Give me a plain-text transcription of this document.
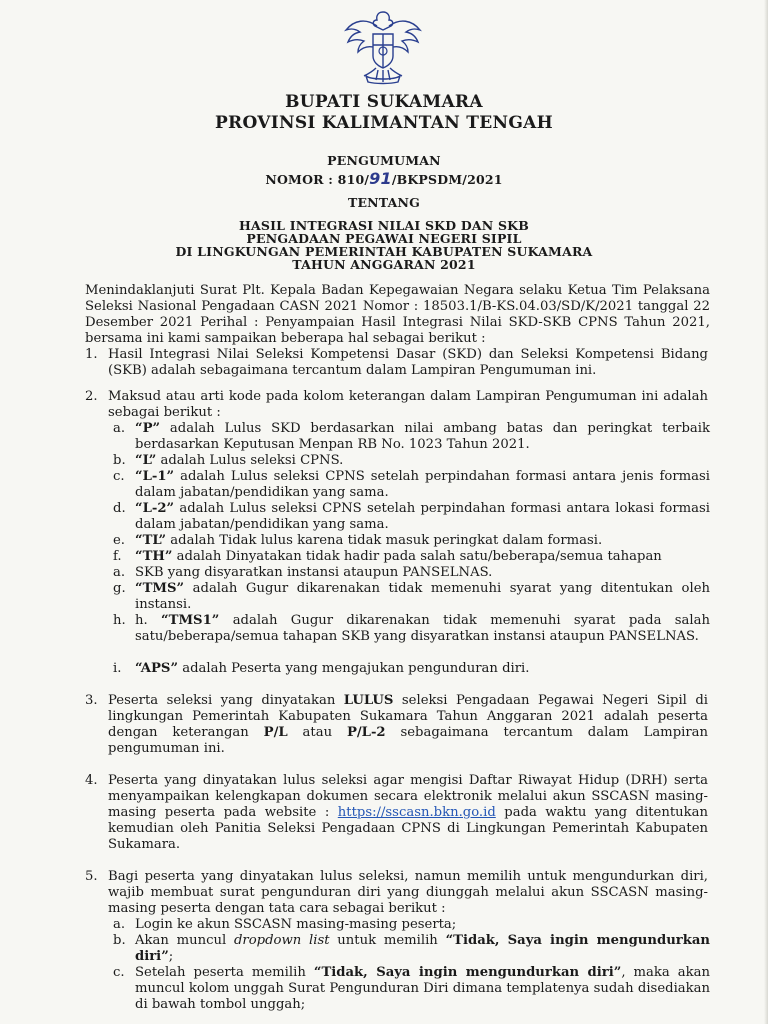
BUPATI SUKAMARA
PROVINSI KALIMANTAN TENGAH
PENGUMUMAN
NOMOR : 810/91/BKPSDM/2021
TENTANG
HASIL INTEGRASI NILAI SKD DAN SKB
PENGADAAN PEGAWAI NEGERI SIPIL
DI LINGKUNGAN PEMERINTAH KABUPATEN SUKAMARA
TAHUN ANGGARAN 2021
Menindaklanjuti Surat Plt. Kepala Badan Kepegawaian Negara selaku Ketua Tim Pelaksana Seleksi Nasional Pengadaan CASN 2021 Nomor : 18503.1/B-KS.04.03/SD/K/2021 tanggal 22 Desember 2021 Perihal : Penyampaian Hasil Integrasi Nilai SKD-SKB CPNS Tahun 2021, bersama ini kami sampaikan beberapa hal sebagai berikut :
1. Hasil Integrasi Nilai Seleksi Kompetensi Dasar (SKD) dan Seleksi Kompetensi Bidang (SKB) adalah sebagaimana tercantum dalam Lampiran Pengumuman ini.
2. Maksud atau arti kode pada kolom keterangan dalam Lampiran Pengumuman ini adalah sebagai berikut :
a. “P” adalah Lulus SKD berdasarkan nilai ambang batas dan peringkat terbaik berdasarkan Keputusan Menpan RB No. 1023 Tahun 2021.
b. “L” adalah Lulus seleksi CPNS.
c. “L-1” adalah Lulus seleksi CPNS setelah perpindahan formasi antara jenis formasi dalam jabatan/pendidikan yang sama.
d. “L-2” adalah Lulus seleksi CPNS setelah perpindahan formasi antara lokasi formasi dalam jabatan/pendidikan yang sama.
e. “TL” adalah Tidak lulus karena tidak masuk peringkat dalam formasi.
f. “TH” adalah Dinyatakan tidak hadir pada salah satu/beberapa/semua tahapan
a. SKB yang disyaratkan instansi ataupun PANSELNAS.
g. “TMS” adalah Gugur dikarenakan tidak memenuhi syarat yang ditentukan oleh instansi.
h. h. “TMS1” adalah Gugur dikarenakan tidak memenuhi syarat pada salah satu/beberapa/semua tahapan SKB yang disyaratkan instansi ataupun PANSELNAS.
i. “APS” adalah Peserta yang mengajukan pengunduran diri.
3. Peserta seleksi yang dinyatakan LULUS seleksi Pengadaan Pegawai Negeri Sipil di lingkungan Pemerintah Kabupaten Sukamara Tahun Anggaran 2021 adalah peserta dengan keterangan P/L atau P/L-2 sebagaimana tercantum dalam Lampiran pengumuman ini.
4. Peserta yang dinyatakan lulus seleksi agar mengisi Daftar Riwayat Hidup (DRH) serta menyampaikan kelengkapan dokumen secara elektronik melalui akun SSCASN masing-masing peserta pada website : https://sscasn.bkn.go.id pada waktu yang ditentukan kemudian oleh Panitia Seleksi Pengadaan CPNS di Lingkungan Pemerintah Kabupaten Sukamara.
5. Bagi peserta yang dinyatakan lulus seleksi, namun memilih untuk mengundurkan diri, wajib membuat surat pengunduran diri yang diunggah melalui akun SSCASN masing-masing peserta dengan tata cara sebagai berikut :
a. Login ke akun SSCASN masing-masing peserta;
b. Akan muncul dropdown list untuk memilih “Tidak, Saya ingin mengundurkan diri”;
c. Setelah peserta memilih “Tidak, Saya ingin mengundurkan diri”, maka akan muncul kolom unggah Surat Pengunduran Diri dimana templatenya sudah disediakan di bawah tombol unggah;
